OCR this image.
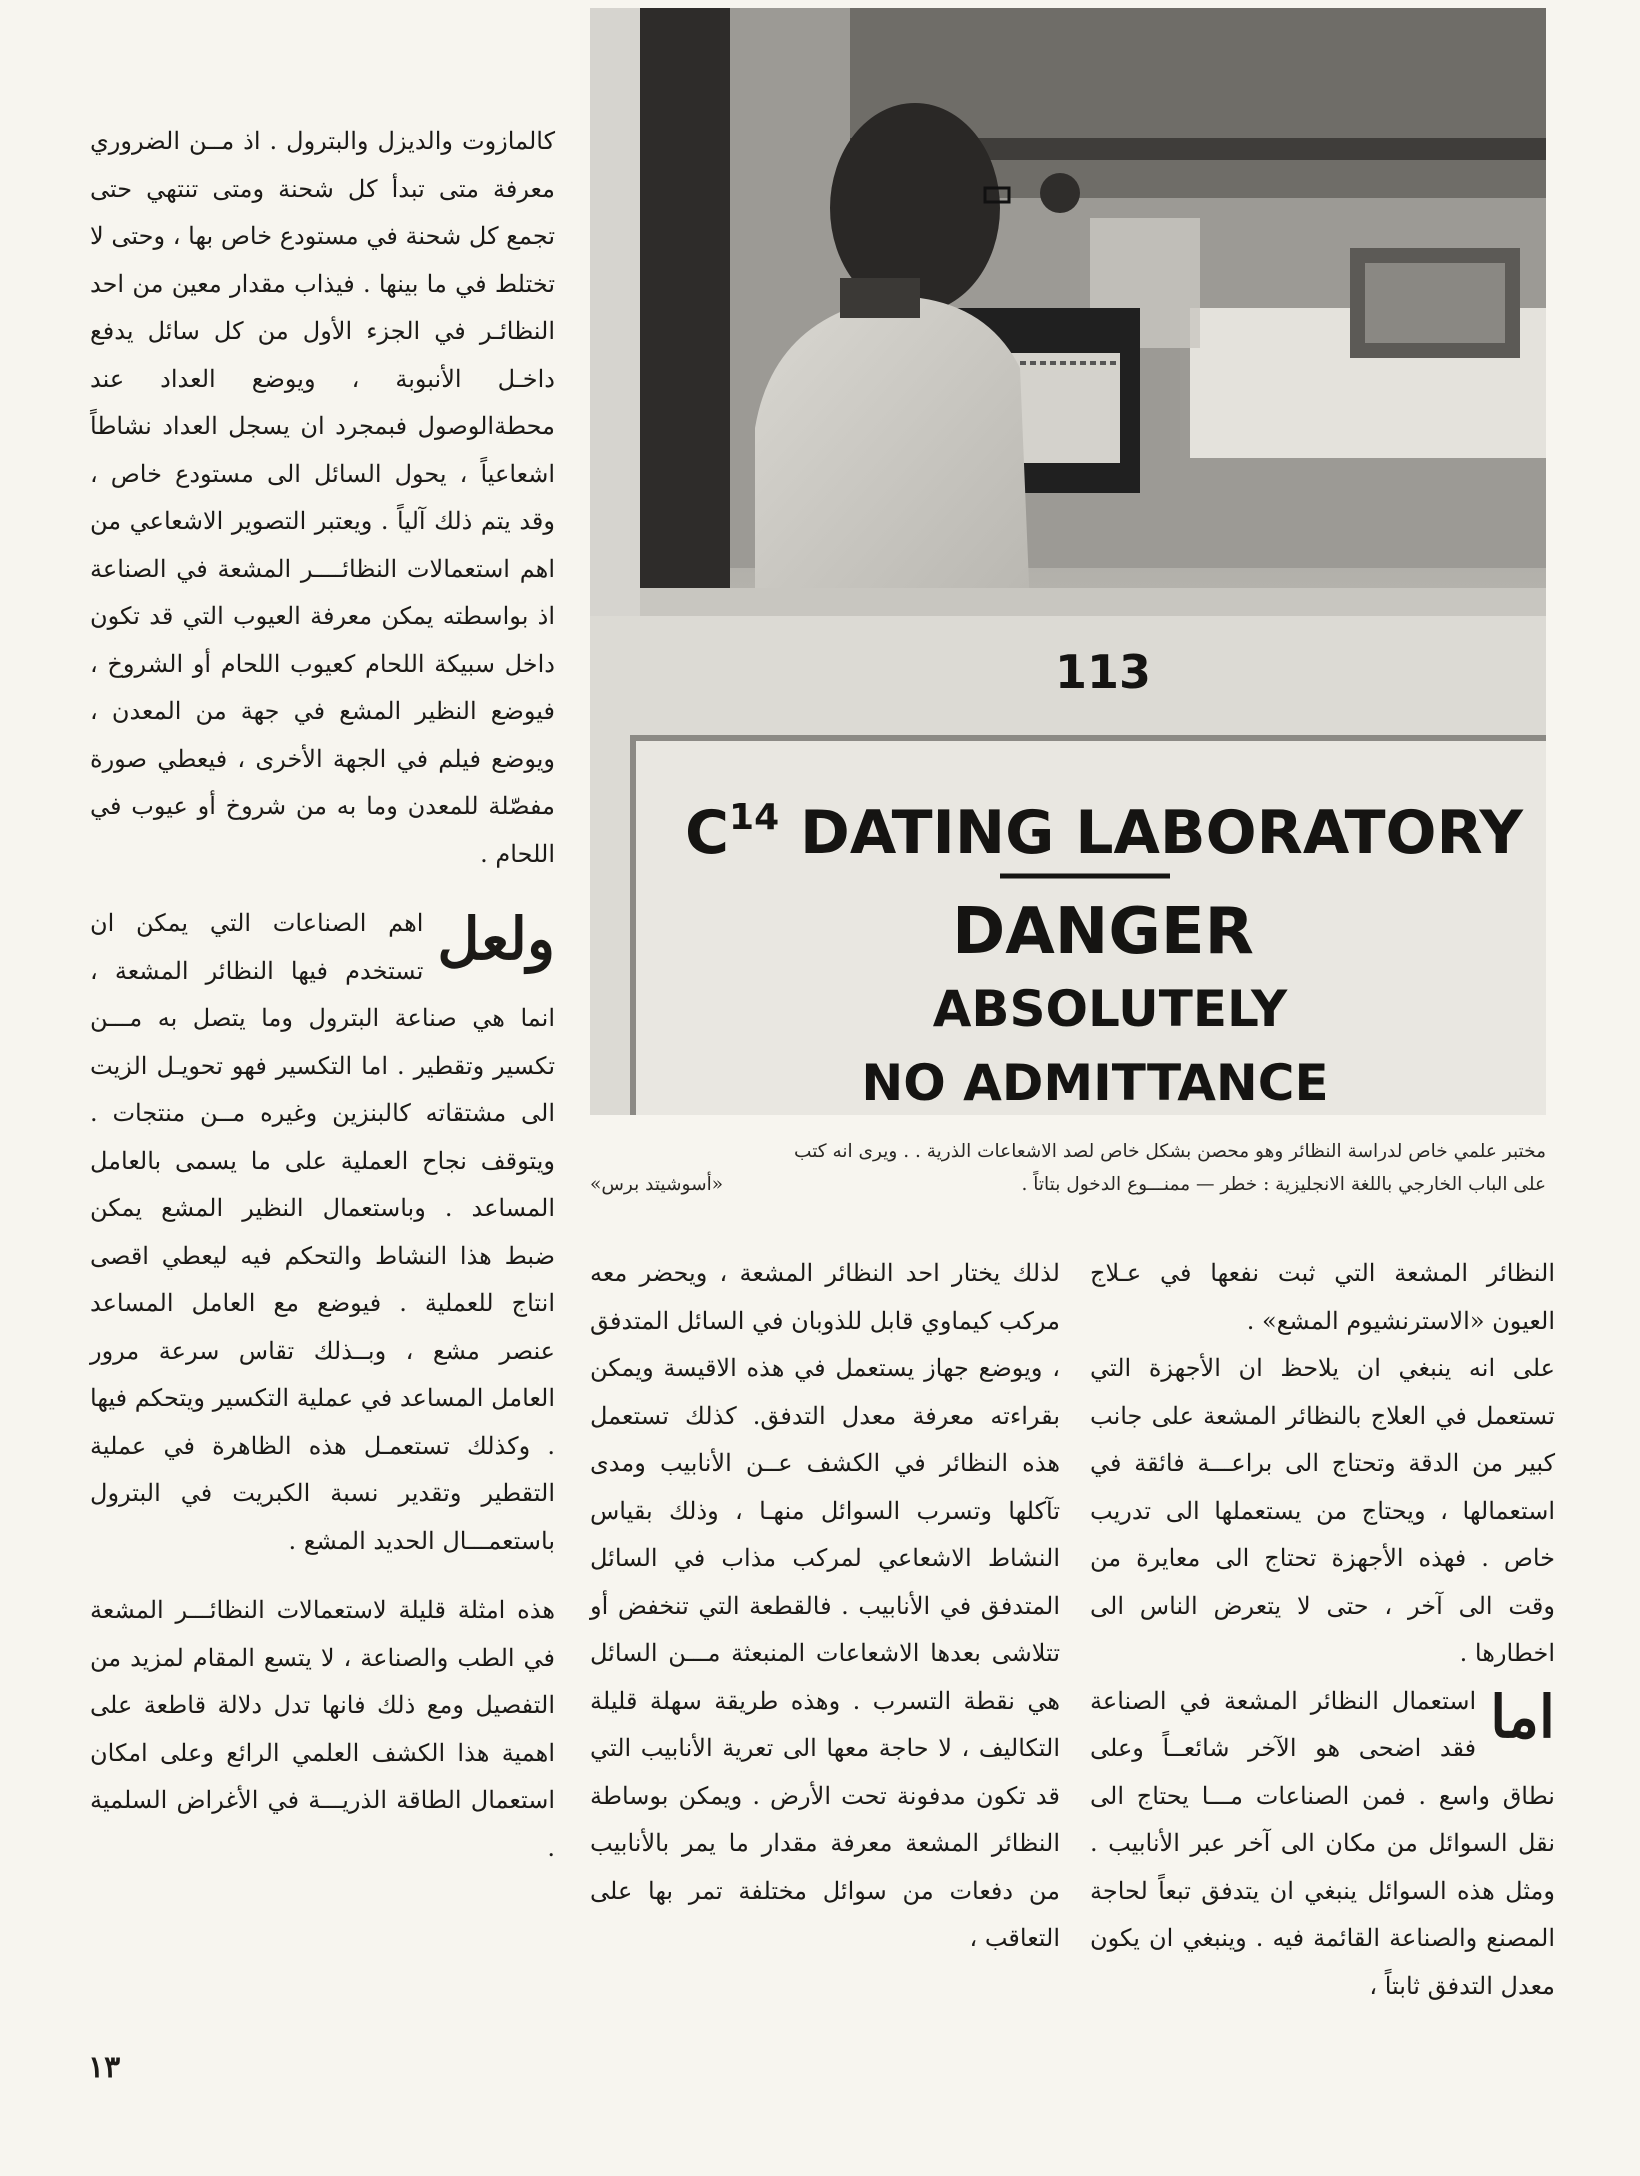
113
$C^{14}$ DATING LABORATORY
DANGER
ABSOLUTELY
NO ADMITTANCE
مختبر علمي خاص لدراسة النظائر وهو محصن بشكل خاص لصد الاشعاعات الذرية . . ويرى انه كتب
على الباب الخارجي باللغة الانجليزية : خطر — ممنـــوع الدخول بتاتاً .
«أسوشيتد برس»

كالمازوت والديزل والبترول . اذ مــن الضروري معرفة متى تبدأ كل شحنة ومتى تنتهي حتى تجمع كل شحنة في مستودع خاص بها ، وحتى لا تختلط في ما بينها . فيذاب مقدار معين من احد النظائـر في الجزء الأول من كل سائل يدفع داخـل الأنبوبة ، ويوضع العداد عند محطةالوصول فبمجرد ان يسجل العداد نشاطاً اشعاعياً ، يحول السائل الى مستودع خاص ، وقد يتم ذلك آلياً . ويعتبر التصوير الاشعاعي من اهم استعمالات النظائــــر المشعة في الصناعة اذ بواسطته يمكن معرفة العيوب التي قد تكون داخل سبيكة اللحام كعيوب اللحام أو الشروخ ، فيوضع النظير المشع في جهة من المعدن ، ويوضع فيلم في الجهة الأخرى ، فيعطي صورة مفصّلة للمعدن وما به من شروخ أو عيوب في اللحام .

ولعل
اهم الصناعات التي يمكن ان تستخدم فيها النظائر المشعة ، انما هي صناعة البترول وما يتصل به مـــن تكسير وتقطير . اما التكسير فهو تحويـل الزيت الى مشتقاته كالبنزين وغيره مــن منتجات . ويتوقف نجاح العملية على ما يسمى بالعامل المساعد . وباستعمال النظير المشع يمكن ضبط هذا النشاط والتحكم فيه ليعطي اقصى انتاج للعملية . فيوضع مع العامل المساعد عنصر مشع ، وبــذلك تقاس سرعة مرور العامل المساعد في عملية التكسير ويتحكم فيها . وكذلك تستعمـل هذه الظاهرة في عملية التقطير وتقدير نسبة الكبريت في البترول باستعمـــال الحديد المشع .

هذه امثلة قليلة لاستعمالات النظائـــر المشعة في الطب والصناعة ، لا يتسع المقام لمزيد من التفصيل ومع ذلك فانها تدل دلالة قاطعة على اهمية هذا الكشف العلمي الرائع وعلى امكان استعمال الطاقة الذريـــة في الأغراض السلمية .

لذلك يختار احد النظائر المشعة ، ويحضر معه مركب كيماوي قابل للذوبان في السائل المتدفق ، ويوضع جهاز يستعمل في هذه الاقيسة ويمكن بقراءته معرفة معدل التدفق. كذلك تستعمل هذه النظائر في الكشف عــن الأنابيب ومدى تآكلها وتسرب السوائل منهـا ، وذلك بقياس النشاط الاشعاعي لمركب مذاب في السائل المتدفق في الأنابيب . فالقطعة التي تنخفض أو تتلاشى بعدها الاشعاعات المنبعثة مـــن السائل هي نقطة التسرب . وهذه طريقة سهلة قليلة التكاليف ، لا حاجة معها الى تعرية الأنابيب التي قد تكون مدفونة تحت الأرض . ويمكن بوساطة النظائر المشعة معرفة مقدار ما يمر بالأنابيب من دفعات من سوائل مختلفة تمر بها على التعاقب ،

النظائر المشعة التي ثبت نفعها في عـلاج العيون «الاسترنشيوم المشع» .

على انه ينبغي ان يلاحظ ان الأجهزة التي تستعمل في العلاج بالنظائر المشعة على جانب كبير من الدقة وتحتاج الى براعـــة فائقة في استعمالها ، ويحتاج من يستعملها الى تدريب خاص . فهذه الأجهزة تحتاج الى معايرة من وقت الى آخر ، حتى لا يتعرض الناس الى اخطارها .

اما
استعمال النظائر المشعة في الصناعة فقد اضحى هو الآخر شائعــاً وعلى نطاق واسع . فمن الصناعات مـــا يحتاج الى نقل السوائل من مكان الى آخر عبر الأنابيب . ومثل هذه السوائل ينبغي ان يتدفق تبعاً لحاجة المصنع والصناعة القائمة فيه . وينبغي ان يكون معدل التدفق ثابتاً ،

١٣
